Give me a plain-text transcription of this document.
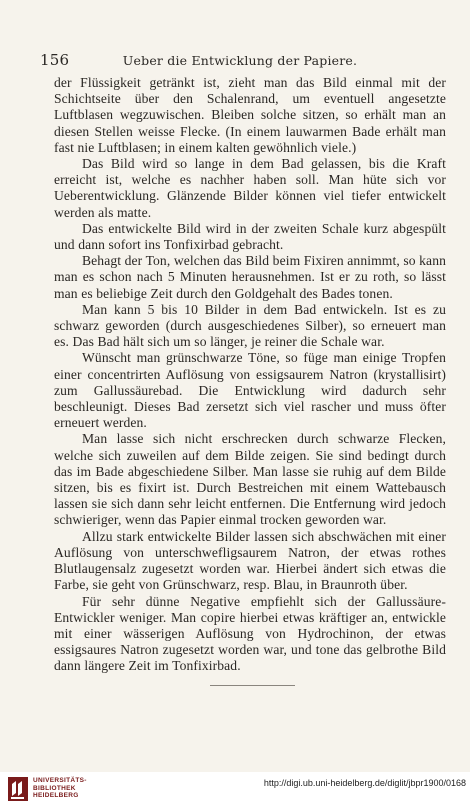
156	Ueber die Entwicklung der Papiere.

der Flüssigkeit getränkt ist, zieht man das Bild einmal mit der Schichtseite über den Schalenrand, um eventuell angesetzte Luftblasen wegzuwischen. Bleiben solche sitzen, so erhält man an diesen Stellen weisse Flecke. (In einem lauwarmen Bade erhält man fast nie Luftblasen; in einem kalten gewöhnlich viele.)

Das Bild wird so lange in dem Bad gelassen, bis die Kraft erreicht ist, welche es nachher haben soll. Man hüte sich vor Ueberentwicklung. Glänzende Bilder können viel tiefer entwickelt werden als matte.

Das entwickelte Bild wird in der zweiten Schale kurz abgespült und dann sofort ins Tonfixirbad gebracht.

Behagt der Ton, welchen das Bild beim Fixiren annimmt, so kann man es schon nach 5 Minuten herausnehmen. Ist er zu roth, so lässt man es beliebige Zeit durch den Goldgehalt des Bades tonen.

Man kann 5 bis 10 Bilder in dem Bad entwickeln. Ist es zu schwarz geworden (durch ausgeschiedenes Silber), so erneuert man es. Das Bad hält sich um so länger, je reiner die Schale war.

Wünscht man grünschwarze Töne, so füge man einige Tropfen einer concentrirten Auflösung von essigsaurem Natron (krystallisirt) zum Gallussäurebad. Die Entwicklung wird dadurch sehr beschleunigt. Dieses Bad zersetzt sich viel rascher und muss öfter erneuert werden.

Man lasse sich nicht erschrecken durch schwarze Flecken, welche sich zuweilen auf dem Bilde zeigen. Sie sind bedingt durch das im Bade abgeschiedene Silber. Man lasse sie ruhig auf dem Bilde sitzen, bis es fixirt ist. Durch Bestreichen mit einem Wattebausch lassen sie sich dann sehr leicht entfernen. Die Entfernung wird jedoch schwieriger, wenn das Papier einmal trocken geworden war.

Allzu stark entwickelte Bilder lassen sich abschwächen mit einer Auflösung von unterschwefligsaurem Natron, der etwas rothes Blutlaugensalz zugesetzt worden war. Hierbei ändert sich etwas die Farbe, sie geht von Grünschwarz, resp. Blau, in Braunroth über.

Für sehr dünne Negative empfiehlt sich der Gallussäure-Entwickler weniger. Man copire hierbei etwas kräftiger an, entwickle mit einer wässerigen Auflösung von Hydrochinon, der etwas essigsaures Natron zugesetzt worden war, und tone das gelbrothe Bild dann längere Zeit im Tonfixirbad.

UNIVERSITÄTS-
BIBLIOTHEK
HEIDELBERG
http://digi.ub.uni-heidelberg.de/diglit/jbpr1900/0168
